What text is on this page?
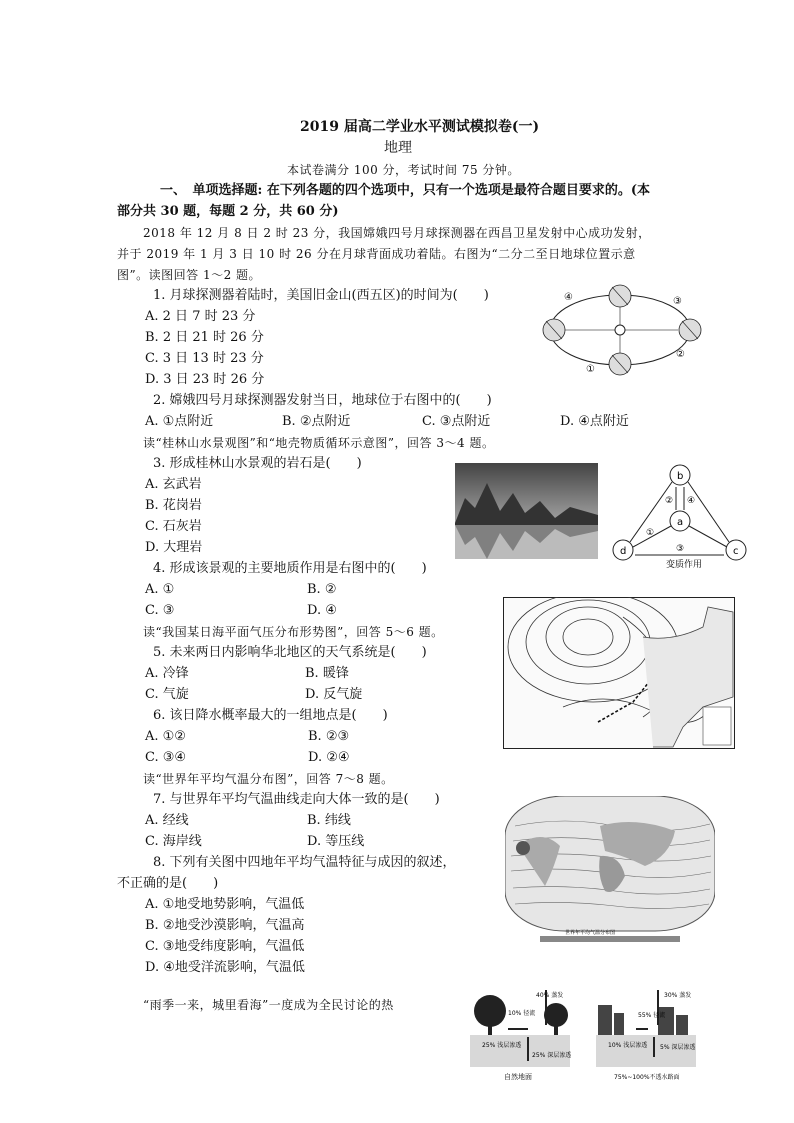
2019 届高二学业水平测试模拟卷(一)
地理
本试卷满分 100 分，考试时间 75 分钟。
一、　单项选择题: 在下列各题的四个选项中，只有一个选项是最符合题目要求的。(本
部分共 30 题，每题 2 分，共 60 分)
2018 年 12 月 8 日 2 时 23 分，我国嫦娥四号月球探测器在西昌卫星发射中心成功发射，
并于 2019 年 1 月 3 日 10 时 26 分在月球背面成功着陆。右图为“二分二至日地球位置示意
图”。读图回答 1～2 题。
1. 月球探测器着陆时，美国旧金山(西五区)的时间为(　　)
A. 2 日 7 时 23 分
B. 2 日 21 时 26 分
C. 3 日 13 时 23 分
D. 3 日 23 时 26 分
2. 嫦娥四号月球探测器发射当日，地球位于右图中的(　　)
A. ①点附近	B. ②点附近	C. ③点附近	D. ④点附近
读“桂林山水景观图”和“地壳物质循环示意图”，回答 3～4 题。
3. 形成桂林山水景观的岩石是(　　)
A. 玄武岩
B. 花岗岩
C. 石灰岩
D. 大理岩
4. 形成该景观的主要地质作用是右图中的(　　)
A. ①	B. ②
C. ③	D. ④
读“我国某日海平面气压分布形势图”，回答 5～6 题。
5. 未来两日内影响华北地区的天气系统是(　　)
A. 冷锋	B. 暖锋
C. 气旋	D. 反气旋
6. 该日降水概率最大的一组地点是(　　)
A. ①②	B. ②③
C. ③④	D. ②④
读“世界年平均气温分布图”，回答 7～8 题。
7. 与世界年平均气温曲线走向大体一致的是(　　)
A. 经线	B. 纬线
C. 海岸线	D. 等压线
8. 下列有关图中四地年平均气温特征与成因的叙述，
不正确的是(　　)
A. ①地受地势影响，气温低
B. ②地受沙漠影响，气温高
C. ③地受纬度影响，气温低
D. ④地受洋流影响，气温低
“雨季一来，城里看海”一度成为全民讨论的热
④	③
②
①
b
a
d	c
② ④
①
③
变质作用
世界年平均气温分布图
40% 蒸发
10% 径流
25% 浅层渗透
25% 深层渗透
自然地面
30% 蒸发
55% 径流
10% 浅层渗透 5% 深层渗透
75%~100%不透水路面
